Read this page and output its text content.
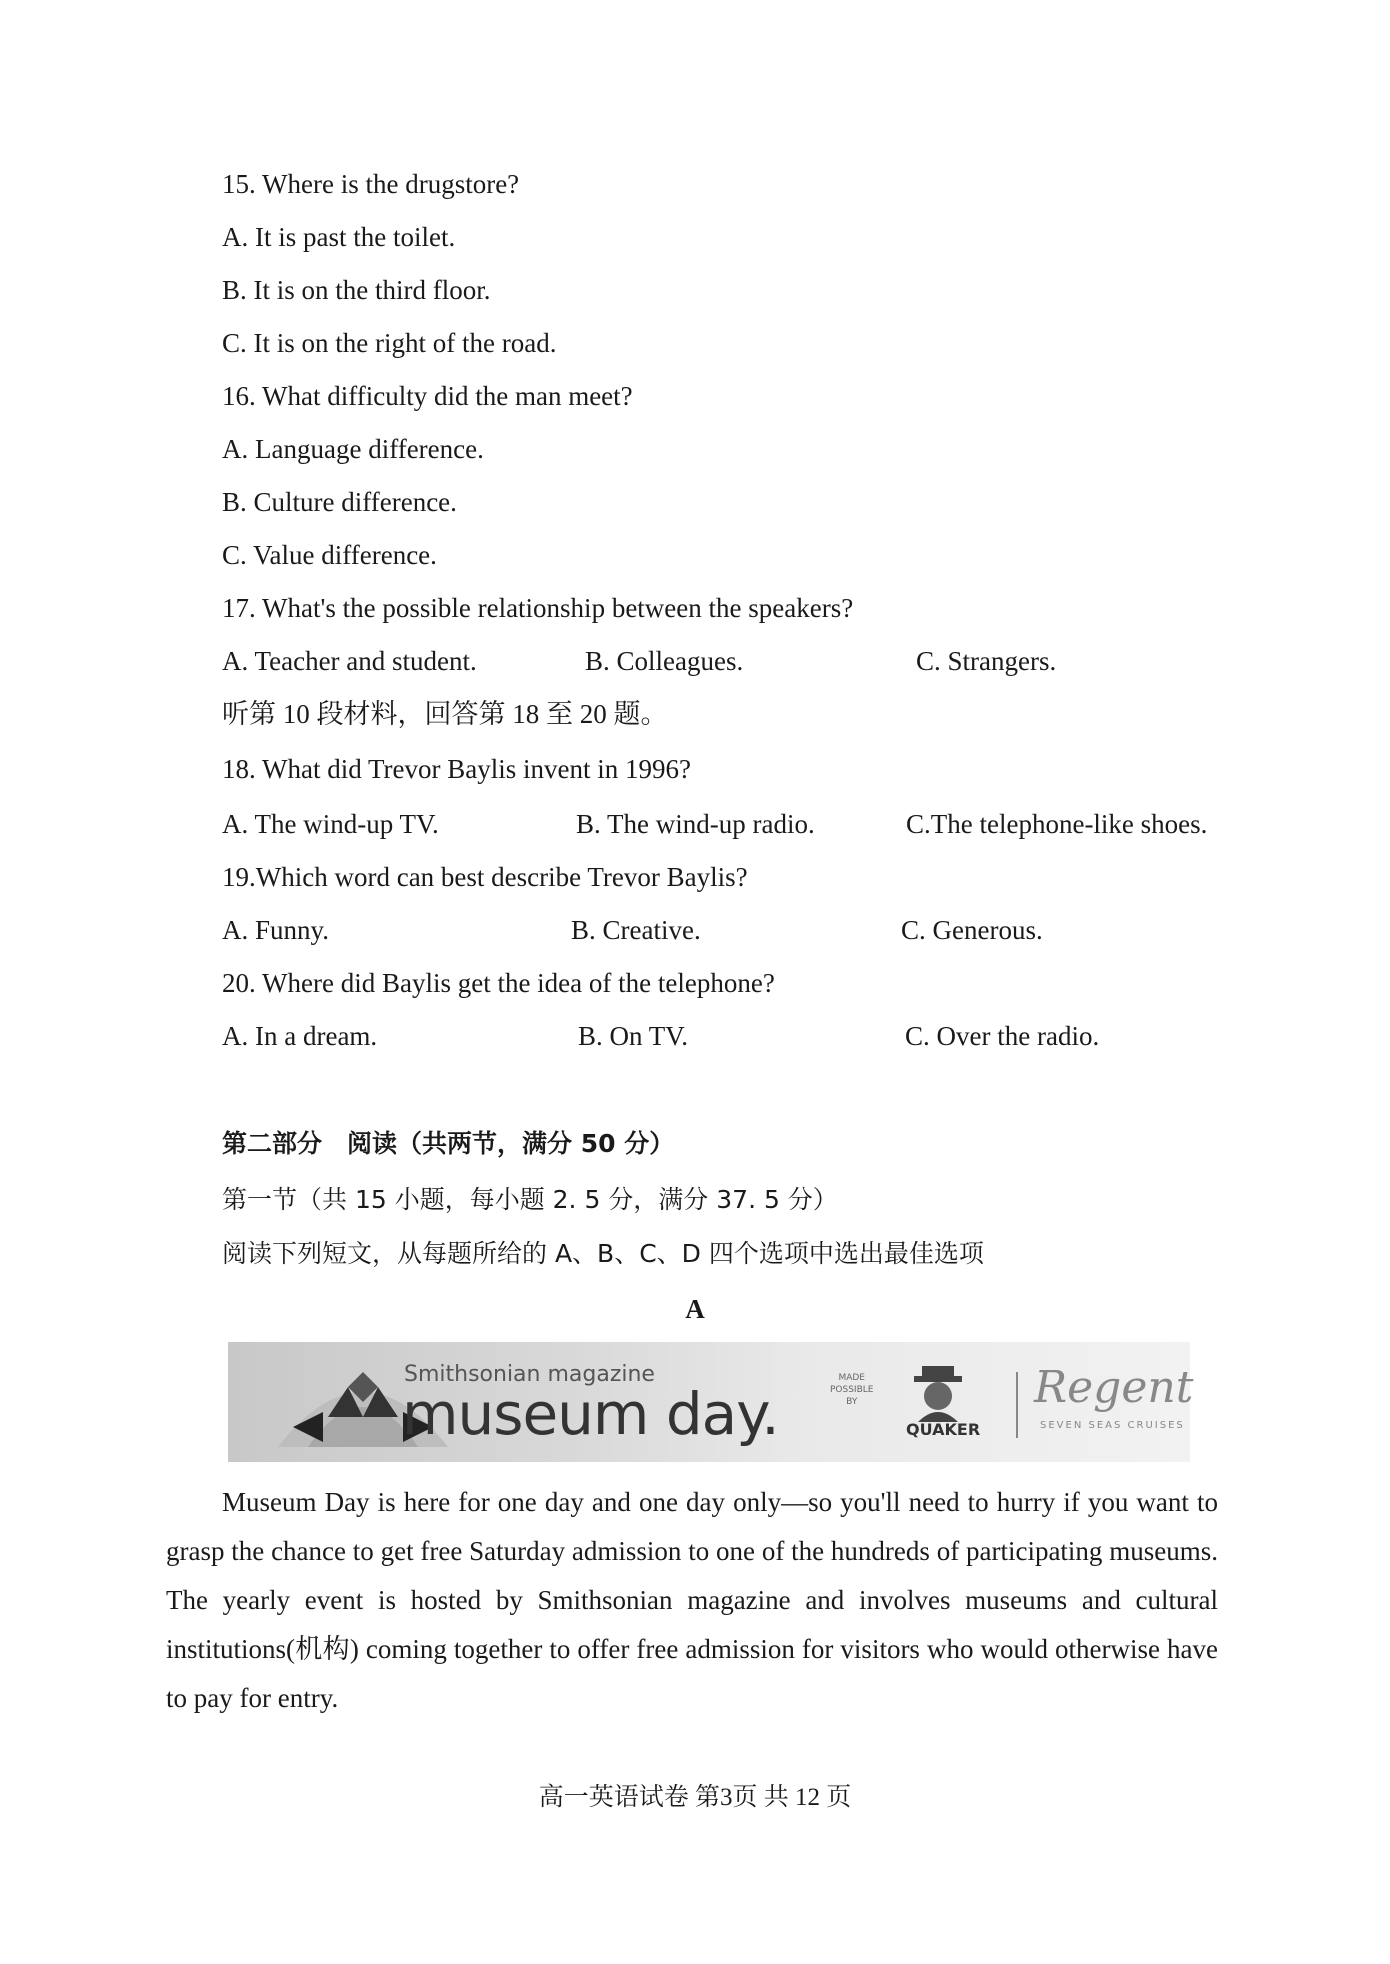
15. Where is the drugstore?
A. It is past the toilet.
B. It is on the third floor.
C. It is on the right of the road.
16. What difficulty did the man meet?
A. Language difference.
B. Culture difference.
C. Value difference.
17. What's the possible relationship between the speakers?
A. Teacher and student.	B. Colleagues.	C. Strangers.
听第 10 段材料，回答第 18 至 20 题。
18. What did Trevor Baylis invent in 1996?
A. The wind-up TV.	B. The wind-up radio.	C.The telephone-like shoes.
19.Which word can best describe Trevor Baylis?
A. Funny.	B. Creative.	C. Generous.
20. Where did Baylis get the idea of the telephone?
A. In a dream.	B. On TV.	C. Over the radio.
第二部分　阅读（共两节，满分 50 分）
第一节（共 15 小题，每小题 2. 5 分，满分 37. 5 分）
阅读下列短文，从每题所给的 A、B、C、D 四个选项中选出最佳选项
A
Smithsonian magazine
museum day.
MADE
POSSIBLE
BY
QUAKER
Regent
SEVEN SEAS CRUISES
Museum Day is here for one day and one day only—so you'll need to hurry if you want to grasp the chance to get free Saturday admission to one of the hundreds of participating museums. The yearly event is hosted by Smithsonian magazine and involves museums and cultural institutions(机构) coming together to offer free admission for visitors who would otherwise have to pay for entry.
高一英语试卷 第3页 共 12 页
